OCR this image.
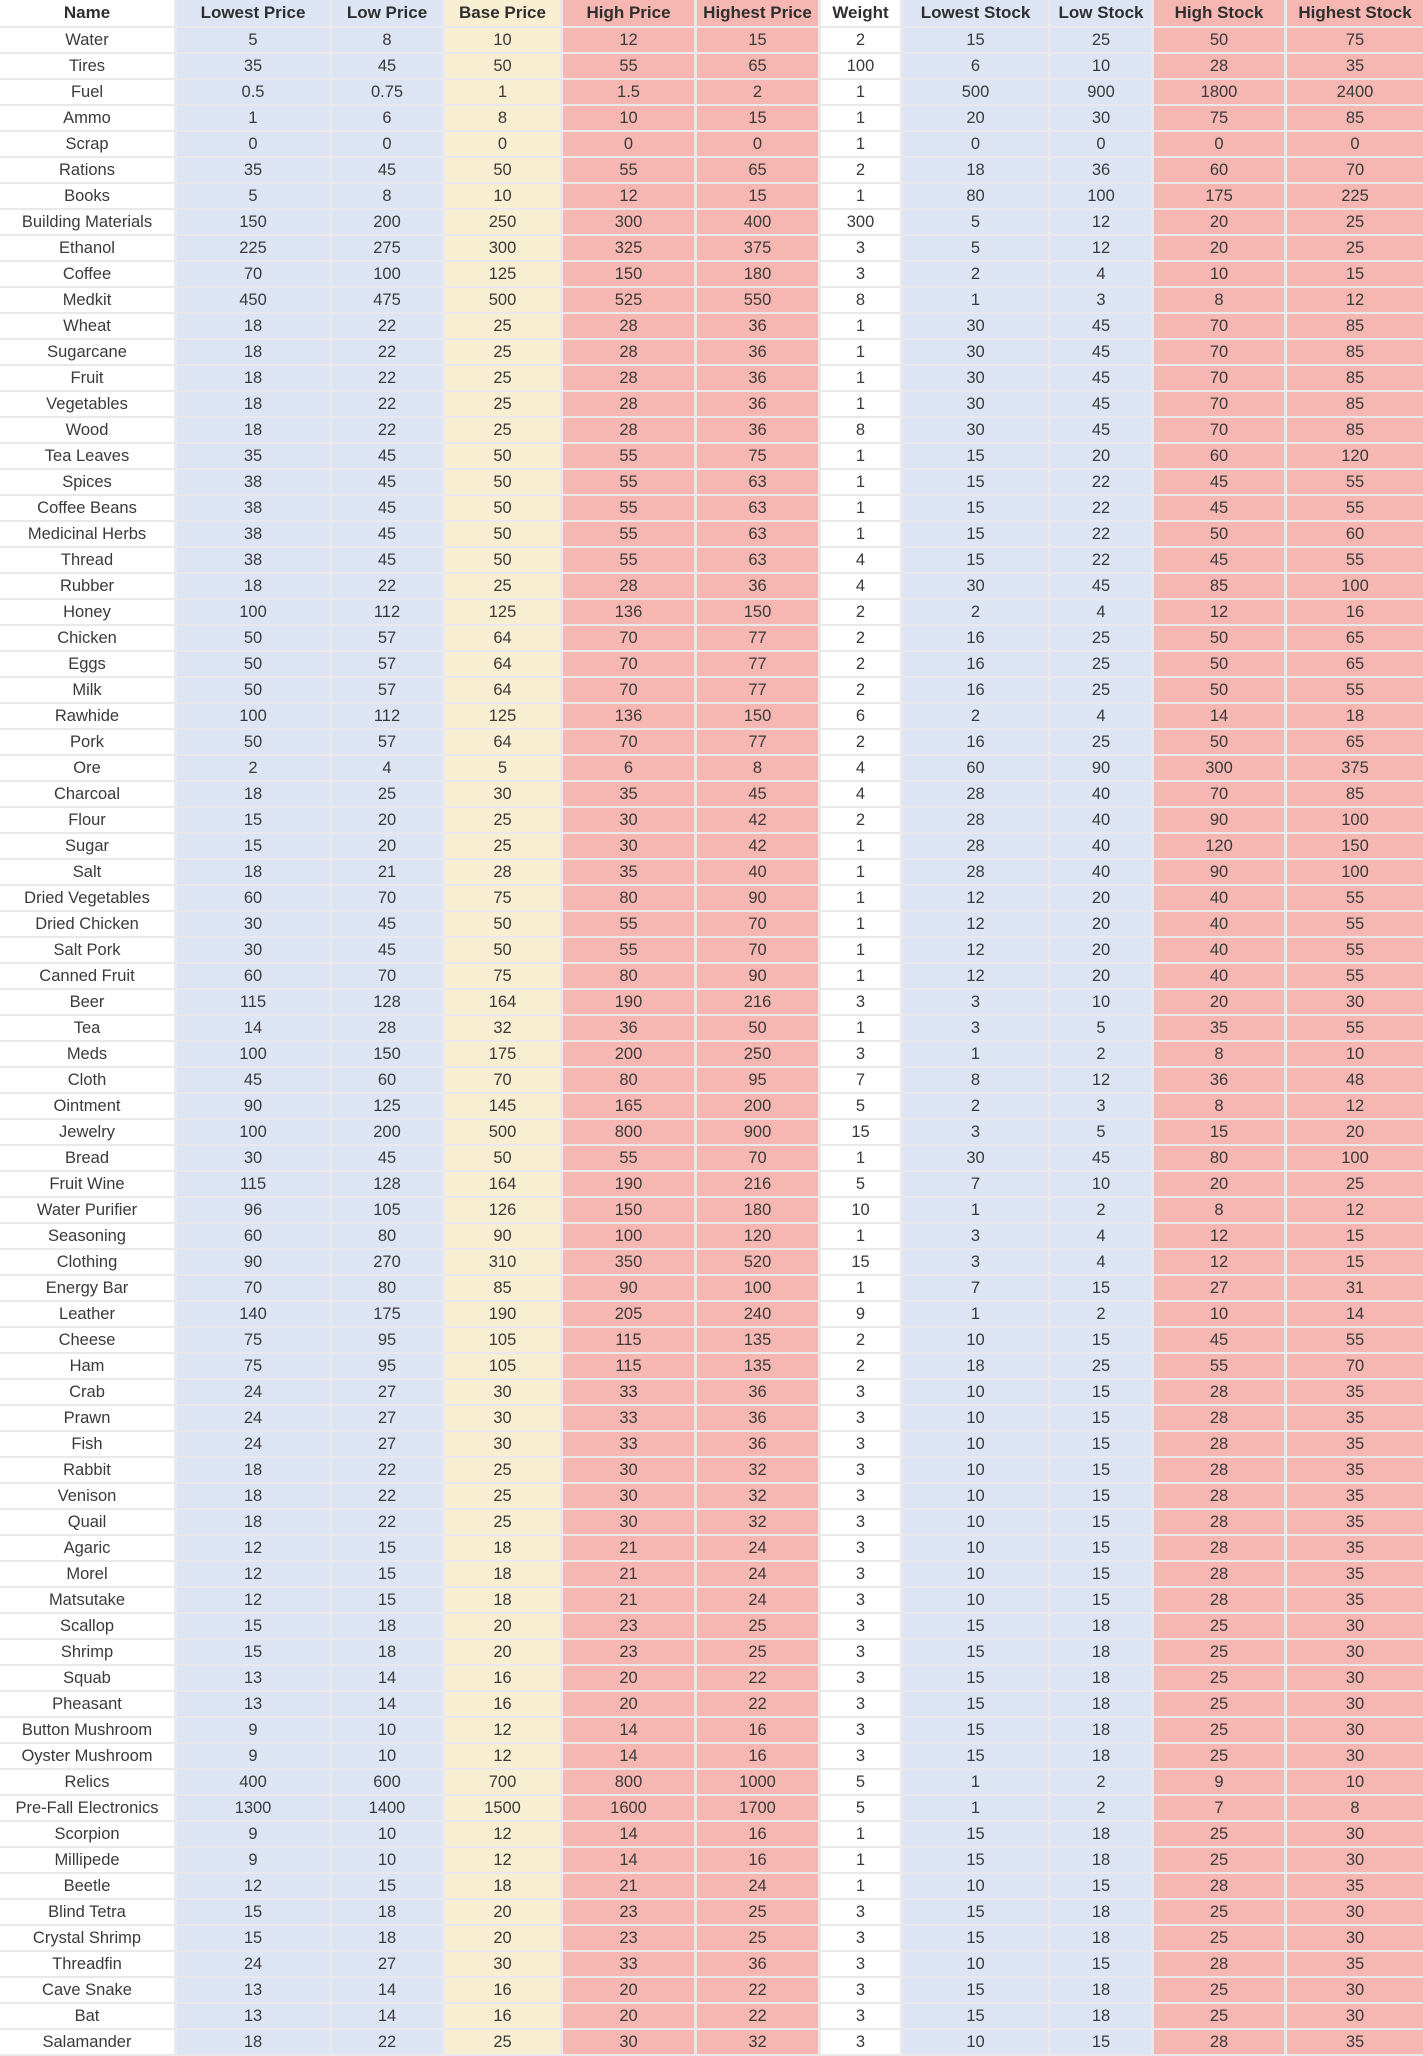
Name	Lowest Price	Low Price	Base Price	High Price	Highest Price	Weight	Lowest Stock	Low Stock	High Stock	Highest Stock
Water	5	8	10	12	15	2	15	25	50	75
Tires	35	45	50	55	65	100	6	10	28	35
Fuel	0.5	0.75	1	1.5	2	1	500	900	1800	2400
Ammo	1	6	8	10	15	1	20	30	75	85
Scrap	0	0	0	0	0	1	0	0	0	0
Rations	35	45	50	55	65	2	18	36	60	70
Books	5	8	10	12	15	1	80	100	175	225
Building Materials	150	200	250	300	400	300	5	12	20	25
Ethanol	225	275	300	325	375	3	5	12	20	25
Coffee	70	100	125	150	180	3	2	4	10	15
Medkit	450	475	500	525	550	8	1	3	8	12
Wheat	18	22	25	28	36	1	30	45	70	85
Sugarcane	18	22	25	28	36	1	30	45	70	85
Fruit	18	22	25	28	36	1	30	45	70	85
Vegetables	18	22	25	28	36	1	30	45	70	85
Wood	18	22	25	28	36	8	30	45	70	85
Tea Leaves	35	45	50	55	75	1	15	20	60	120
Spices	38	45	50	55	63	1	15	22	45	55
Coffee Beans	38	45	50	55	63	1	15	22	45	55
Medicinal Herbs	38	45	50	55	63	1	15	22	50	60
Thread	38	45	50	55	63	4	15	22	45	55
Rubber	18	22	25	28	36	4	30	45	85	100
Honey	100	112	125	136	150	2	2	4	12	16
Chicken	50	57	64	70	77	2	16	25	50	65
Eggs	50	57	64	70	77	2	16	25	50	65
Milk	50	57	64	70	77	2	16	25	50	55
Rawhide	100	112	125	136	150	6	2	4	14	18
Pork	50	57	64	70	77	2	16	25	50	65
Ore	2	4	5	6	8	4	60	90	300	375
Charcoal	18	25	30	35	45	4	28	40	70	85
Flour	15	20	25	30	42	2	28	40	90	100
Sugar	15	20	25	30	42	1	28	40	120	150
Salt	18	21	28	35	40	1	28	40	90	100
Dried Vegetables	60	70	75	80	90	1	12	20	40	55
Dried Chicken	30	45	50	55	70	1	12	20	40	55
Salt Pork	30	45	50	55	70	1	12	20	40	55
Canned Fruit	60	70	75	80	90	1	12	20	40	55
Beer	115	128	164	190	216	3	3	10	20	30
Tea	14	28	32	36	50	1	3	5	35	55
Meds	100	150	175	200	250	3	1	2	8	10
Cloth	45	60	70	80	95	7	8	12	36	48
Ointment	90	125	145	165	200	5	2	3	8	12
Jewelry	100	200	500	800	900	15	3	5	15	20
Bread	30	45	50	55	70	1	30	45	80	100
Fruit Wine	115	128	164	190	216	5	7	10	20	25
Water Purifier	96	105	126	150	180	10	1	2	8	12
Seasoning	60	80	90	100	120	1	3	4	12	15
Clothing	90	270	310	350	520	15	3	4	12	15
Energy Bar	70	80	85	90	100	1	7	15	27	31
Leather	140	175	190	205	240	9	1	2	10	14
Cheese	75	95	105	115	135	2	10	15	45	55
Ham	75	95	105	115	135	2	18	25	55	70
Crab	24	27	30	33	36	3	10	15	28	35
Prawn	24	27	30	33	36	3	10	15	28	35
Fish	24	27	30	33	36	3	10	15	28	35
Rabbit	18	22	25	30	32	3	10	15	28	35
Venison	18	22	25	30	32	3	10	15	28	35
Quail	18	22	25	30	32	3	10	15	28	35
Agaric	12	15	18	21	24	3	10	15	28	35
Morel	12	15	18	21	24	3	10	15	28	35
Matsutake	12	15	18	21	24	3	10	15	28	35
Scallop	15	18	20	23	25	3	15	18	25	30
Shrimp	15	18	20	23	25	3	15	18	25	30
Squab	13	14	16	20	22	3	15	18	25	30
Pheasant	13	14	16	20	22	3	15	18	25	30
Button Mushroom	9	10	12	14	16	3	15	18	25	30
Oyster Mushroom	9	10	12	14	16	3	15	18	25	30
Relics	400	600	700	800	1000	5	1	2	9	10
Pre-Fall Electronics	1300	1400	1500	1600	1700	5	1	2	7	8
Scorpion	9	10	12	14	16	1	15	18	25	30
Millipede	9	10	12	14	16	1	15	18	25	30
Beetle	12	15	18	21	24	1	10	15	28	35
Blind Tetra	15	18	20	23	25	3	15	18	25	30
Crystal Shrimp	15	18	20	23	25	3	15	18	25	30
Threadfin	24	27	30	33	36	3	10	15	28	35
Cave Snake	13	14	16	20	22	3	15	18	25	30
Bat	13	14	16	20	22	3	15	18	25	30
Salamander	18	22	25	30	32	3	10	15	28	35
